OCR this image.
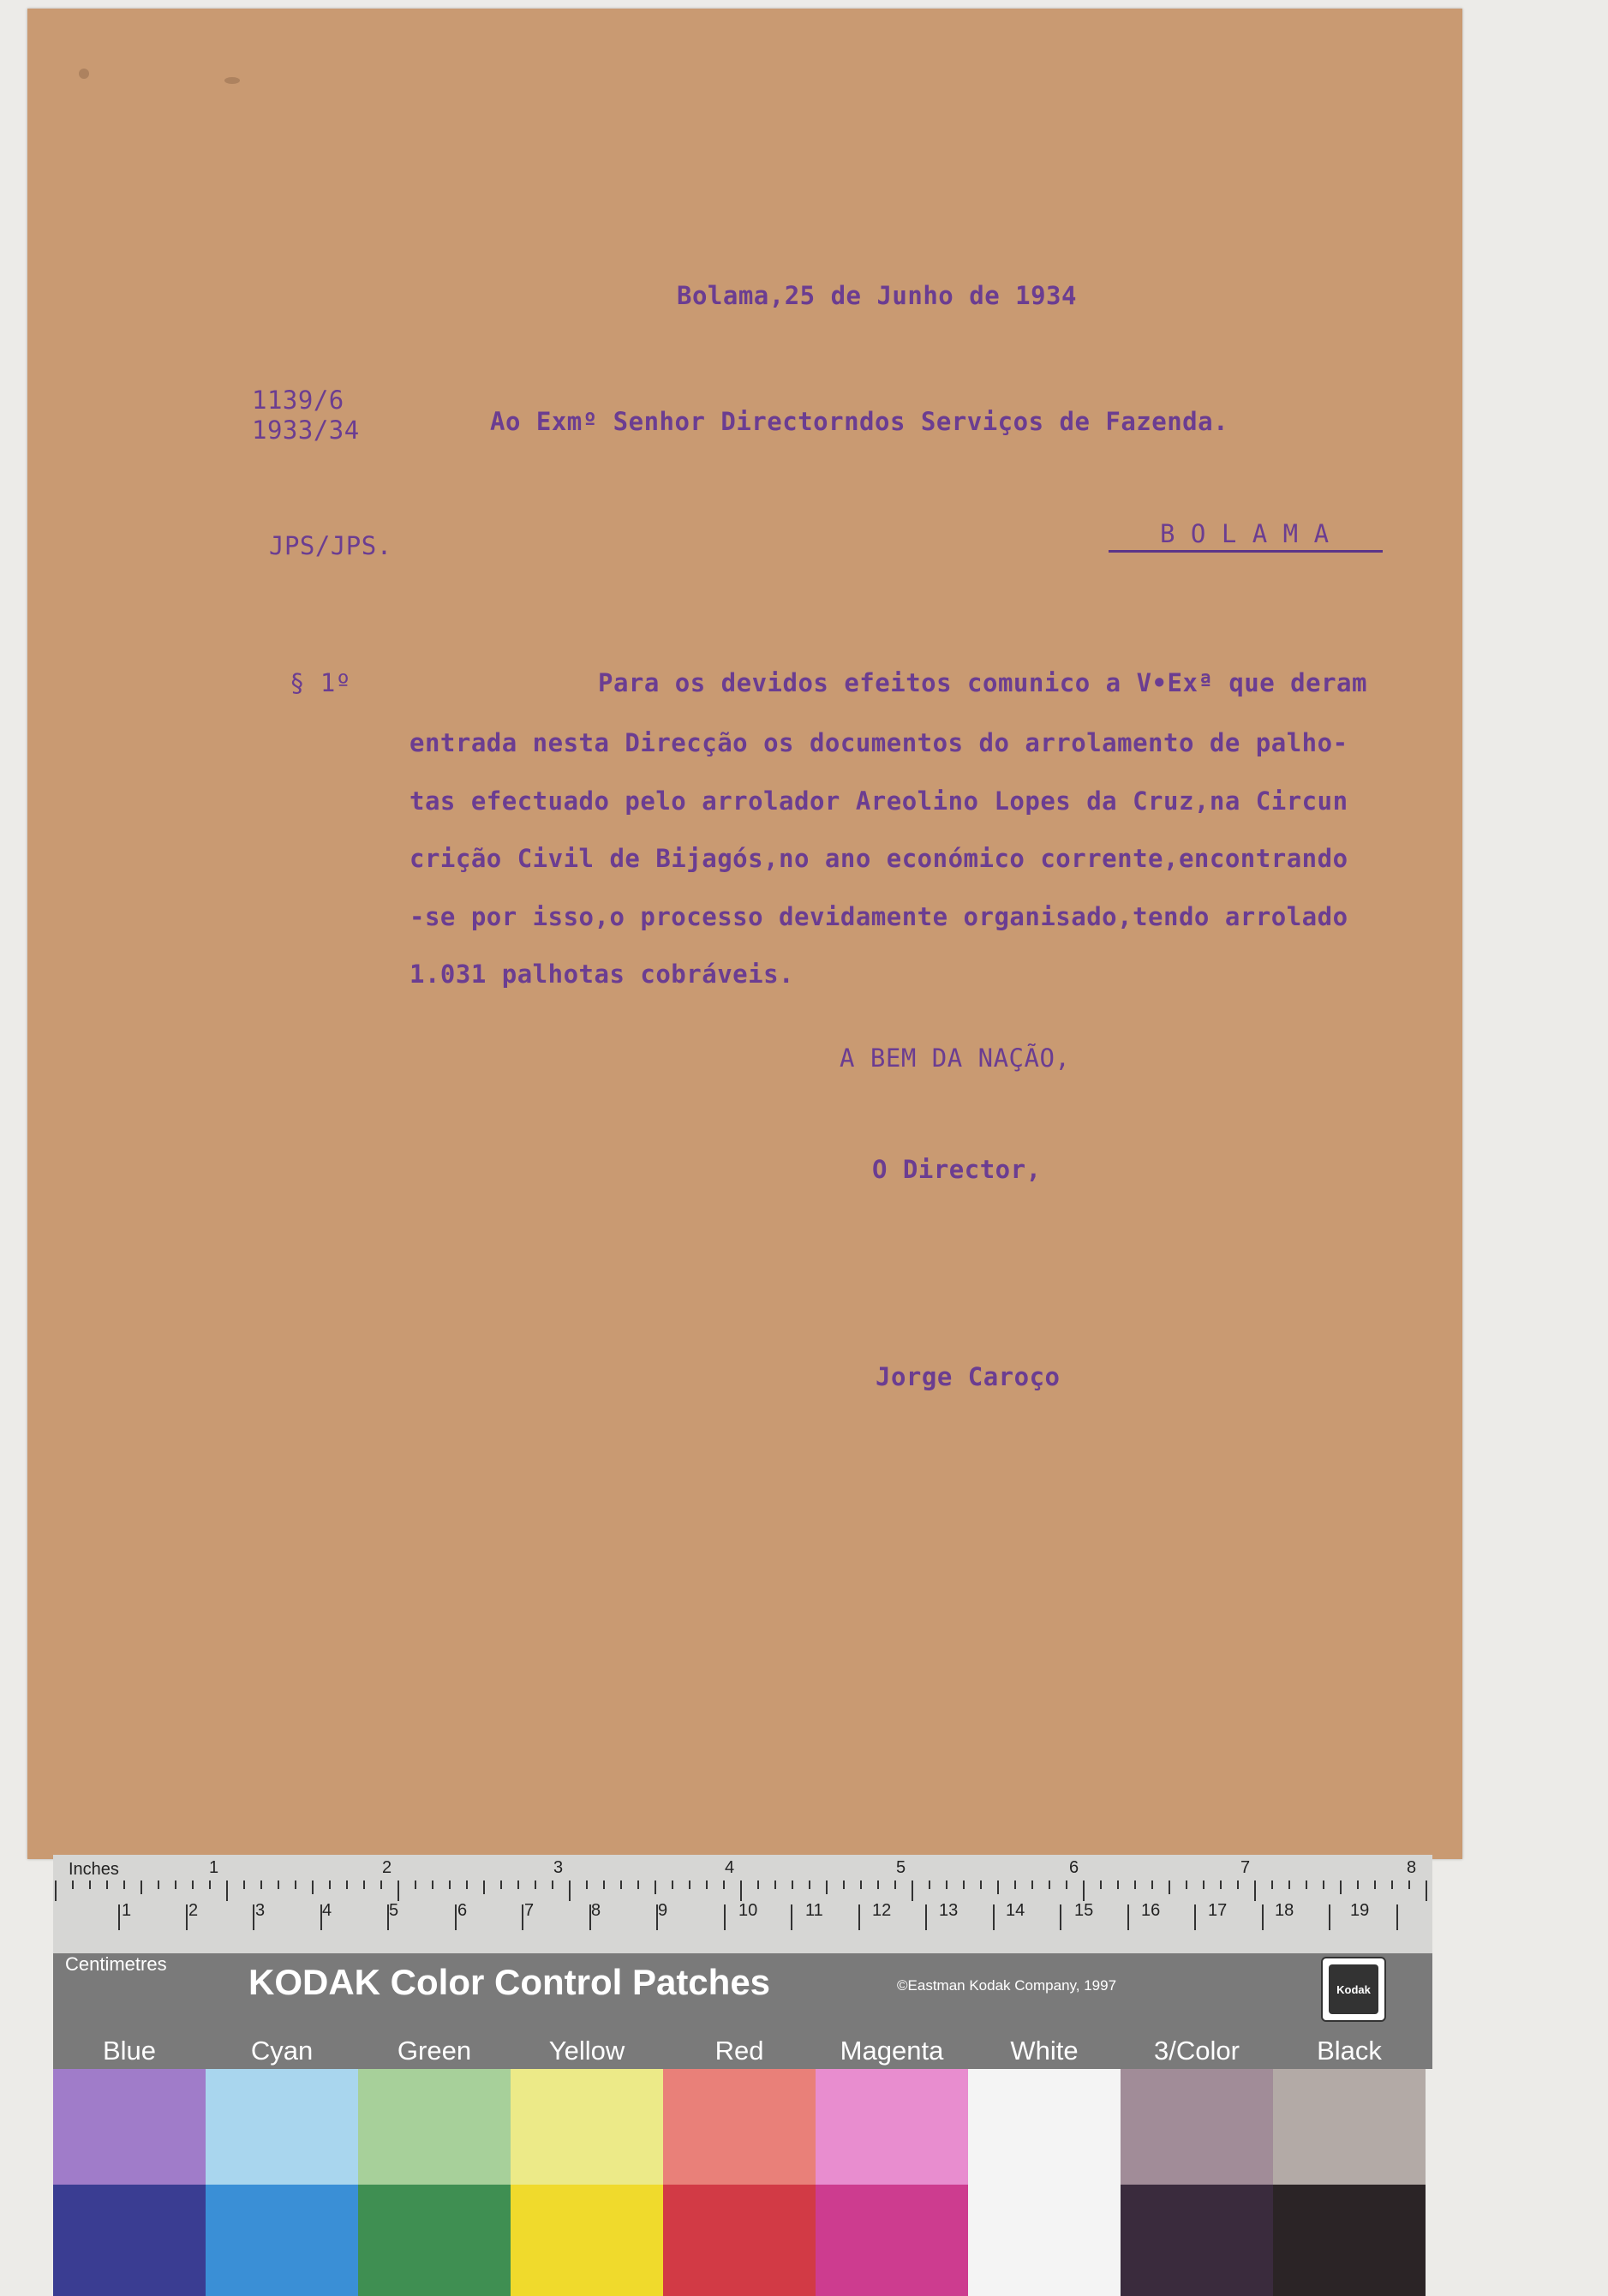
Bolama,25 de Junho de 1934
1139/6
1933/34	Ao Exmº Senhor Directorndos Serviços de Fazenda.
JPS/JPS.	B O L A M A
§ 1º	Para os devidos efeitos comunico a V•Exª que deram
entrada nesta Direcção os documentos do arrolamento de palho-
tas efectuado pelo arrolador Areolino Lopes da Cruz,na Circun
crição Civil de Bijagós,no ano económico corrente,encontrando
-se por isso,o processo devidamente organisado,tendo arrolado
1.031 palhotas cobráveis.
A BEM DA NAÇÃO,
O Director,
Jorge Caroço
Inches	1	2	3	4	5	6	7	8
1	2	3	4	5	6	7	8	9	10	11	12	13	14	15	16	17	18	19
Centimetres KODAK Color Control Patches	©Eastman Kodak Company, 1997	Kodak
Blue	Cyan	Green	Yellow	Red	Magenta	White	3/Color	Black
